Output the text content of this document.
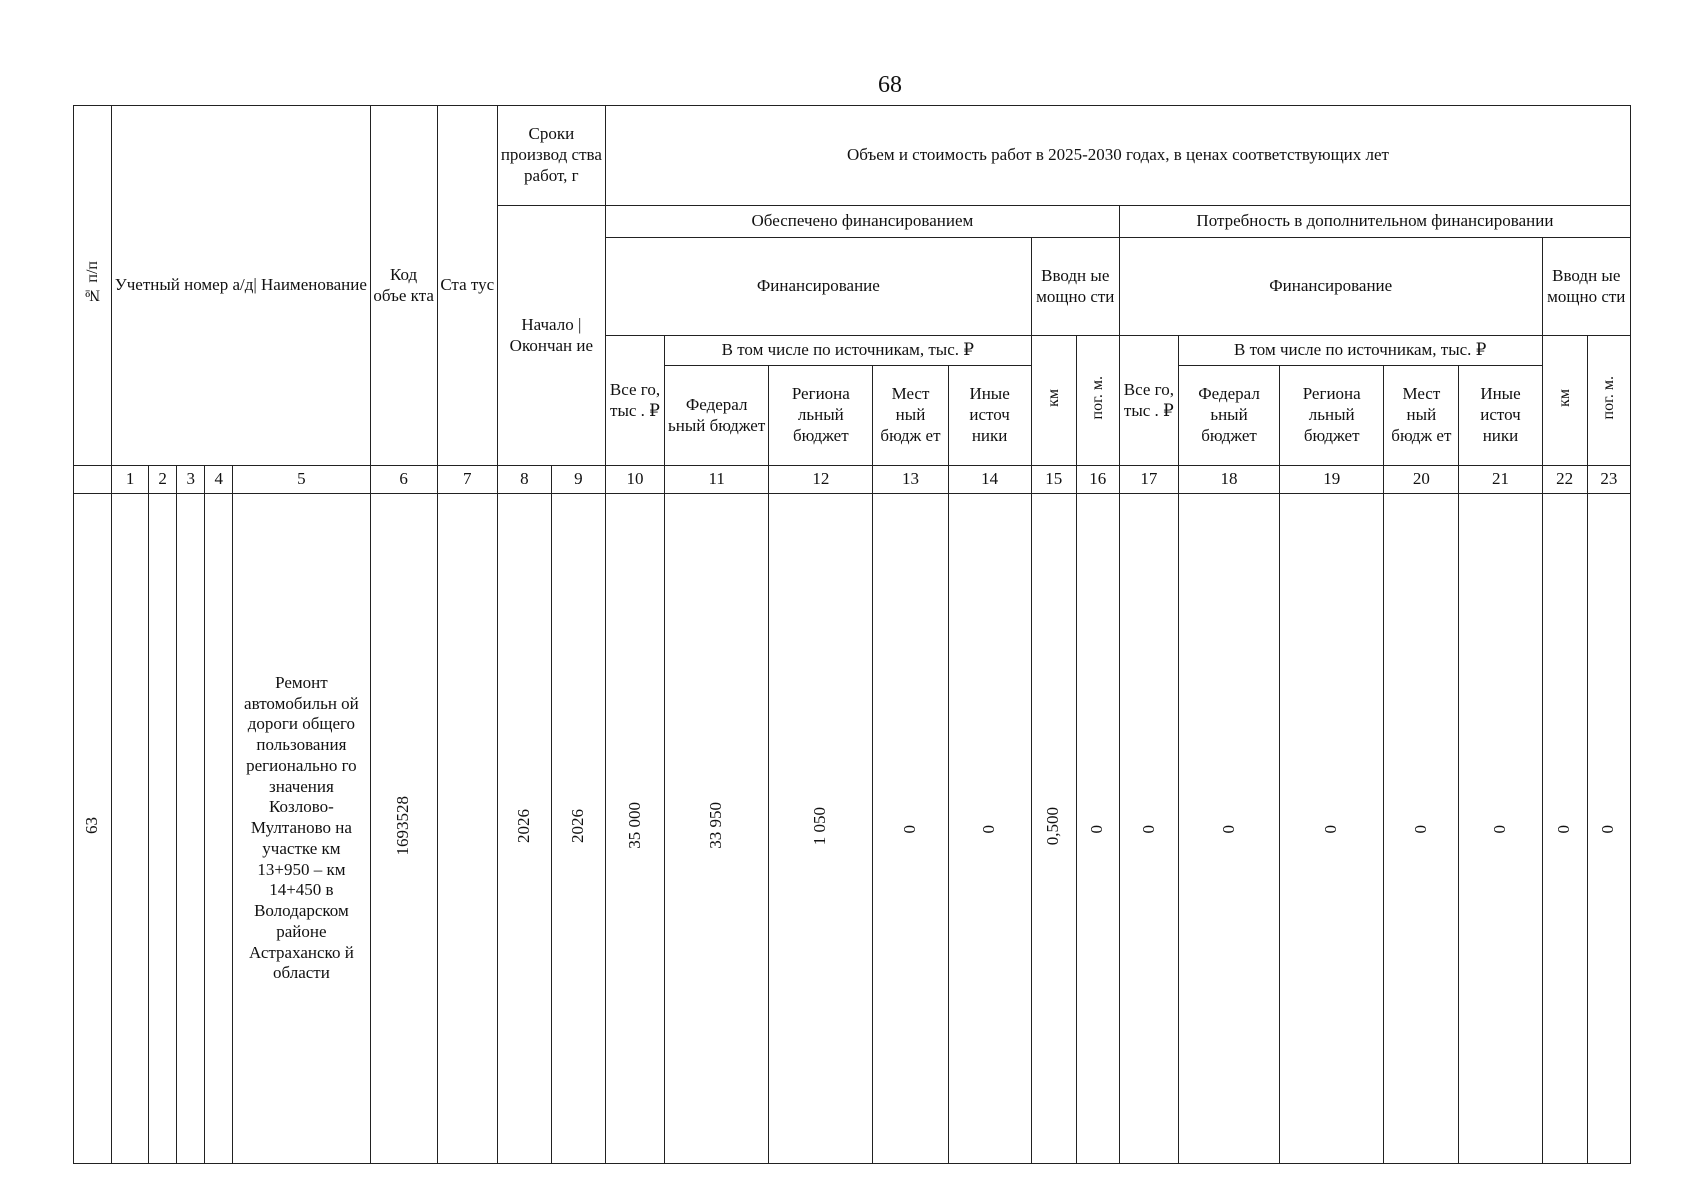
68
№ п/п	Учетный номер а/д| Наименование					Код объе кта	Ста тус	Сроки производ ства работ, г		Объем и стоимость работ в 2025-2030 годах, в ценах соответствующих лет													
								Начало | Окончан ие		Обеспечено финансированием							Потребность в дополнительном финансировании						
										Финансирование					Вводн ые мощно сти		Финансирование					Вводн ые мощно сти	
										Все го, тыс . ₽	В том числе по источникам, тыс. ₽				км	пог. м.	Все го, тыс . ₽	В том числе по источникам, тыс. ₽				км	пог. м.
											Федерал ьный бюджет	Региона льный бюджет	Мест ный бюдж ет	Иные источ ники				Федерал ьный бюджет	Региона льный бюджет	Мест ный бюдж ет	Иные источ ники		
	1	2	3	4	5	6	7	8	9	10	11	12	13	14	15	16	17	18	19	20	21	22	23
63					Ремонт автомобильн ой дороги общего пользования регионально го значения Козлово-Мултаново на участке км 13+950 – км 14+450 в Володарском районе Астраханско й области	1693528		2026	2026	35 000	33 950	1 050	0	0	0,500	0	0	0	0	0	0	0	0
